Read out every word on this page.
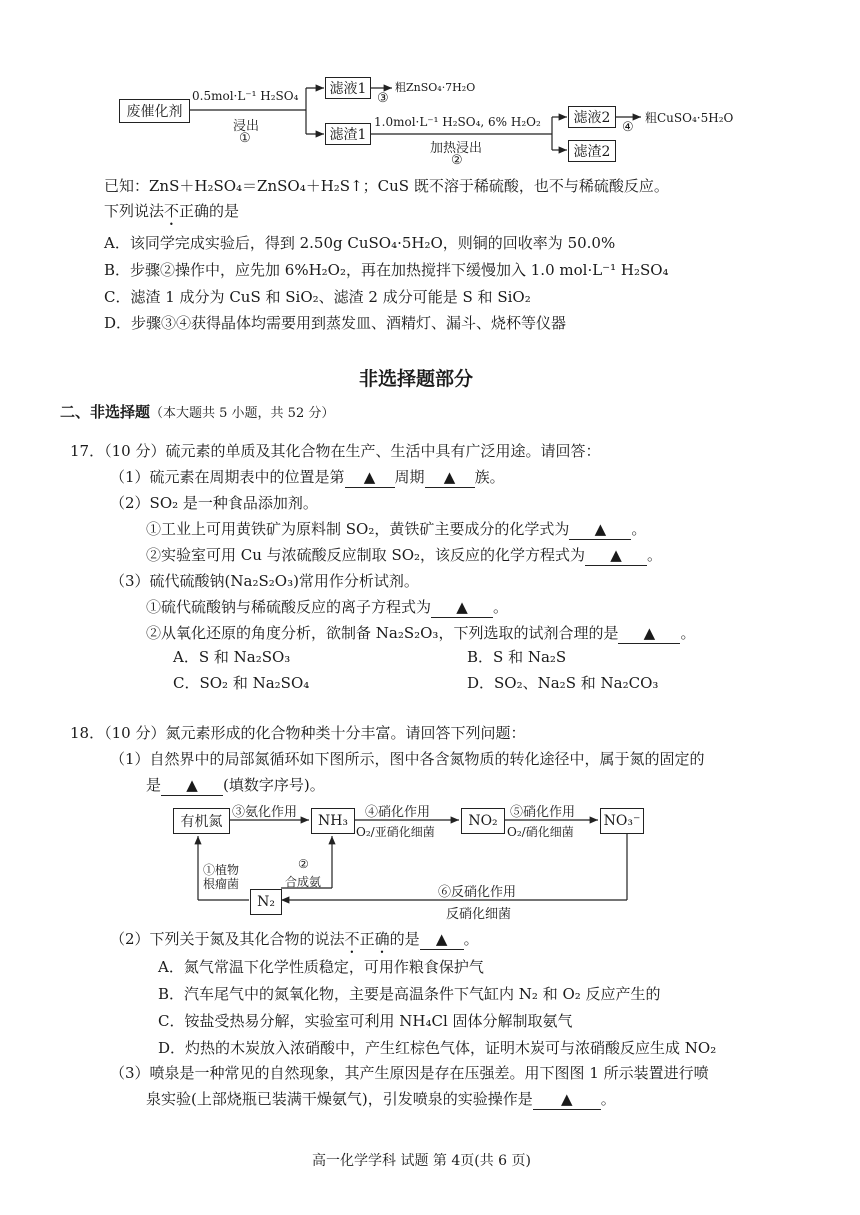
废催化剂
0.5mol·L⁻¹ H₂SO₄
浸出
①
滤液1	粗ZnSO₄·7H₂O
③
滤渣1
1.0mol·L⁻¹ H₂SO₄, 6% H₂O₂
加热浸出
②
滤液2
④
粗CuSO₄·5H₂O
滤渣2
已知：ZnS＋H₂SO₄＝ZnSO₄＋H₂S↑；CuS 既不溶于稀硫酸，也不与稀硫酸反应。
下列说法不正确的是
A．该同学完成实验后，得到 2.50g CuSO₄·5H₂O，则铜的回收率为 50.0%
B．步骤②操作中，应先加 6%H₂O₂，再在加热搅拌下缓慢加入 1.0 mol·L⁻¹ H₂SO₄
C．滤渣 1 成分为 CuS 和 SiO₂、滤渣 2 成分可能是 S 和 SiO₂
D．步骤③④获得晶体均需要用到蒸发皿、酒精灯、漏斗、烧杯等仪器
非选择题部分
二、非选择题（本大题共 5 小题，共 52 分）
17．（10 分）硫元素的单质及其化合物在生产、生活中具有广泛用途。请回答：
（1）硫元素在周期表中的位置是第 ▲ 周期 ▲ 族。
（2）SO₂ 是一种食品添加剂。
①工业上可用黄铁矿为原料制 SO₂，黄铁矿主要成分的化学式为 ▲ 。
②实验室可用 Cu 与浓硫酸反应制取 SO₂，该反应的化学方程式为 ▲ 。
（3）硫代硫酸钠(Na₂S₂O₃)常用作分析试剂。
①硫代硫酸钠与稀硫酸反应的离子方程式为 ▲ 。
②从氧化还原的角度分析，欲制备 Na₂S₂O₃，下列选取的试剂合理的是 ▲ 。
A．S 和 Na₂SO₃	B．S 和 Na₂S
C．SO₂ 和 Na₂SO₄	D．SO₂、Na₂S 和 Na₂CO₃
18．（10 分）氮元素形成的化合物种类十分丰富。请回答下列问题：
（1）自然界中的局部氮循环如下图所示，图中各含氮物质的转化途径中，属于氮的固定的
是 ▲ (填数字序号)。
有机氮	NH₃	NO₂	NO₃⁻
N₂
③氨化作用	④硝化作用
O₂/亚硝化细菌
⑤硝化作用
O₂/硝化细菌
①植物
根瘤菌
②
合成氨
⑥反硝化作用
反硝化细菌
（2）下列关于氮及其化合物的说法不正确的是 ▲ 。
A．氮气常温下化学性质稳定，可用作粮食保护气
B．汽车尾气中的氮氧化物，主要是高温条件下气缸内 N₂ 和 O₂ 反应产生的
C．铵盐受热易分解，实验室可利用 NH₄Cl 固体分解制取氨气
D．灼热的木炭放入浓硝酸中，产生红棕色气体，证明木炭可与浓硝酸反应生成 NO₂
（3）喷泉是一种常见的自然现象，其产生原因是存在压强差。用下图图 1 所示装置进行喷
泉实验(上部烧瓶已装满干燥氨气)，引发喷泉的实验操作是 ▲ 。
高一化学学科 试题 第 4页(共 6 页)
